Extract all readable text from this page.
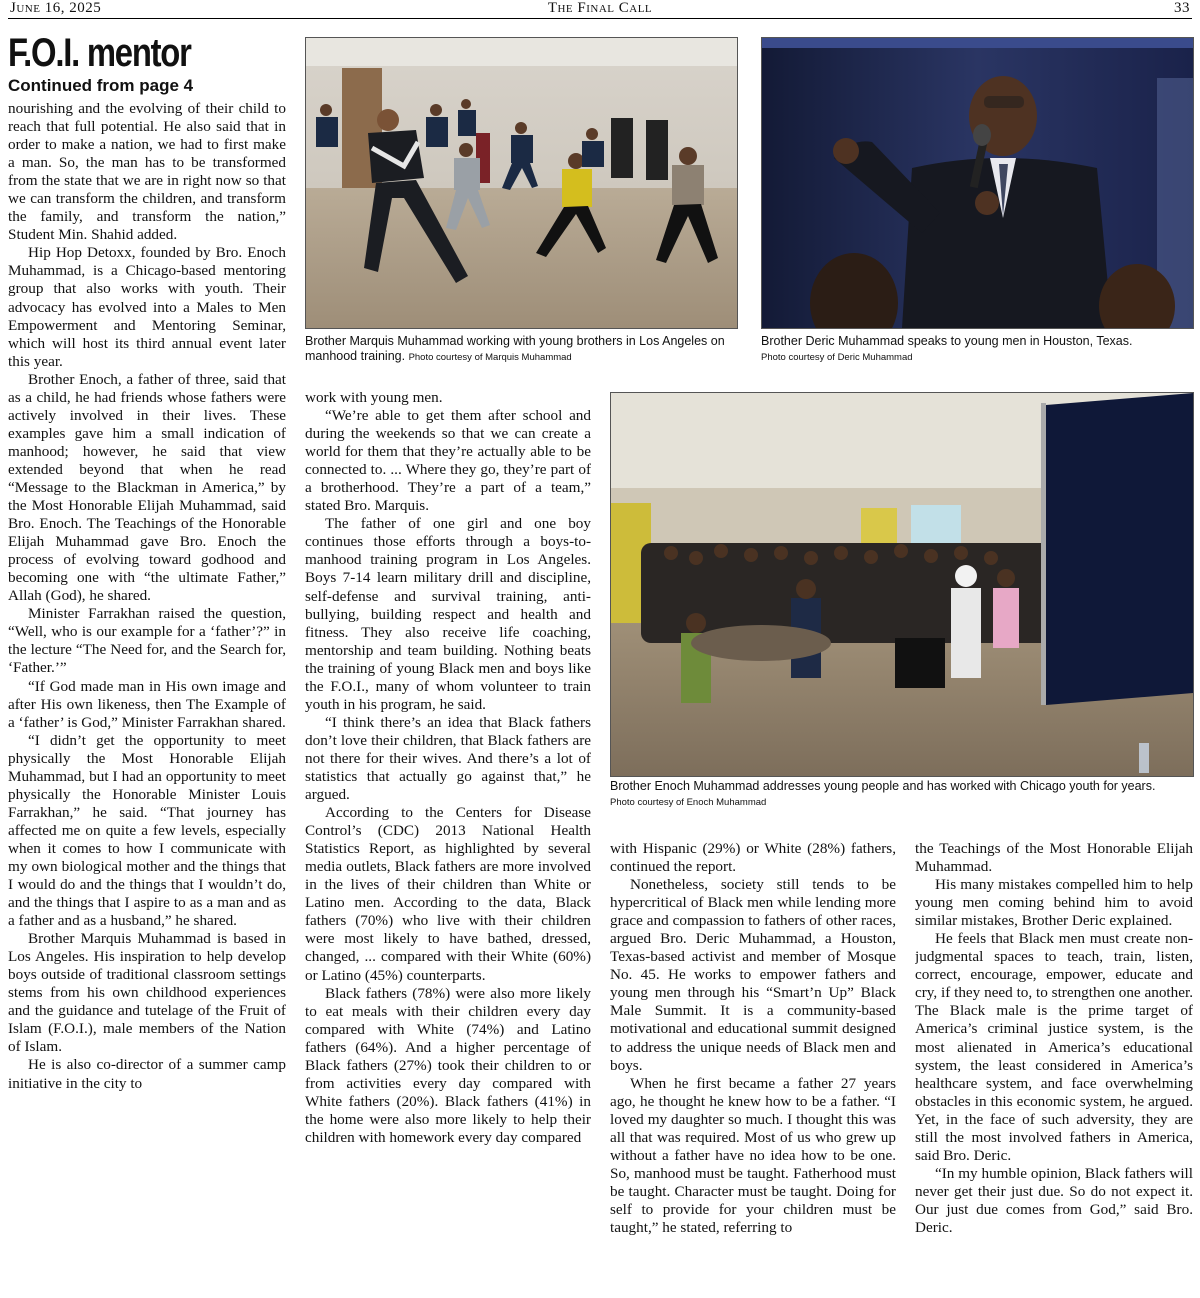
June 16, 2025	The Final Call	33
F.O.I. mentor
Continued from page 4
Brother Marquis Muhammad working with young brothers in Los Angeles on manhood training. Photo courtesy of Marquis Muhammad
Brother Deric Muhammad speaks to young men in Houston, Texas.
Photo courtesy of Deric Muhammad
Brother Enoch Muhammad addresses young people and has worked with Chicago youth for years.
Photo courtesy of Enoch Muhammad

nourishing and the evolving of their child to reach that full potential. He also said that in order to make a nation, we had to first make a man. So, the man has to be transformed from the state that we are in right now so that we can transform the children, and transform the family, and transform the nation,” Student Min. Shahid added.

Hip Hop Detoxx, founded by Bro. Enoch Muhammad, is a Chicago-based mentoring group that also works with youth. Their advocacy has evolved into a Males to Men Empowerment and Mentoring Seminar, which will host its third annual event later this year.

Brother Enoch, a father of three, said that as a child, he had friends whose fathers were actively involved in their lives. These examples gave him a small indication of manhood; however, he said that view extended beyond that when he read “Message to the Blackman in America,” by the Most Honorable Elijah Muhammad, said Bro. Enoch. The Teachings of the Honorable Elijah Muhammad gave Bro. Enoch the process of evolving toward godhood and becoming one with “the ultimate Father,” Allah (God), he shared.

Minister Farrakhan raised the question, “Well, who is our example for a ‘father’?” in the lecture “The Need for, and the Search for, ‘Father.’”

“If God made man in His own image and after His own likeness, then The Example of a ‘father’ is God,” Minister Farrakhan shared.

“I didn’t get the opportunity to meet physically the Most Honorable Elijah Muhammad, but I had an opportunity to meet physically the Honorable Minister Louis Farrakhan,” he said. “That journey has affected me on quite a few levels, especially when it comes to how I communicate with my own biological mother and the things that I would do and the things that I wouldn’t do, and the things that I aspire to as a man and as a father and as a husband,” he shared.

Brother Marquis Muhammad is based in Los Angeles. His inspiration to help develop boys outside of traditional classroom settings stems from his own childhood experiences and the guidance and tutelage of the Fruit of Islam (F.O.I.), male members of the Nation of Islam.

He is also co-director of a summer camp initiative in the city to

work with young men.

“We’re able to get them after school and during the weekends so that we can create a world for them that they’re actually able to be connected to. ... Where they go, they’re part of a brotherhood. They’re a part of a team,” stated Bro. Marquis.

The father of one girl and one boy continues those efforts through a boys-to-manhood training program in Los Angeles. Boys 7-14 learn military drill and discipline, self-defense and survival training, anti-bullying, building respect and health and fitness. They also receive life coaching, mentorship and team building. Nothing beats the training of young Black men and boys like the F.O.I., many of whom volunteer to train youth in his program, he said.

“I think there’s an idea that Black fathers don’t love their children, that Black fathers are not there for their wives. And there’s a lot of statistics that actually go against that,” he argued.

According to the Centers for Disease Control’s (CDC) 2013 National Health Statistics Report, as highlighted by several media outlets, Black fathers are more involved in the lives of their children than White or Latino men. According to the data, Black fathers (70%) who live with their children were most likely to have bathed, dressed, changed, ... compared with their White (60%) or Latino (45%) counterparts.

Black fathers (78%) were also more likely to eat meals with their children every day compared with White (74%) and Latino fathers (64%). And a higher percentage of Black fathers (27%) took their children to or from activities every day compared with White fathers (20%). Black fathers (41%) in the home were also more likely to help their children with homework every day compared

with Hispanic (29%) or White (28%) fathers, continued the report.

Nonetheless, society still tends to be hypercritical of Black men while lending more grace and compassion to fathers of other races, argued Bro. Deric Muhammad, a Houston, Texas-based activist and member of Mosque No. 45. He works to empower fathers and young men through his “Smart’n Up” Black Male Summit. It is a community-based motivational and educational summit designed to address the unique needs of Black men and boys.

When he first became a father 27 years ago, he thought he knew how to be a father. “I loved my daughter so much. I thought this was all that was required. Most of us who grew up without a father have no idea how to be one. So, manhood must be taught. Fatherhood must be taught. Character must be taught. Doing for self to provide for your children must be taught,” he stated, referring to

the Teachings of the Most Honorable Elijah Muhammad.

His many mistakes compelled him to help young men coming behind him to avoid similar mistakes, Brother Deric explained.

He feels that Black men must create non-judgmental spaces to teach, train, listen, correct, encourage, empower, educate and cry, if they need to, to strengthen one another. The Black male is the prime target of America’s criminal justice system, is the most alienated in America’s educational system, the least considered in America’s healthcare system, and face overwhelming obstacles in this economic system, he argued. Yet, in the face of such adversity, they are still the most involved fathers in America, said Bro. Deric.

“In my humble opinion, Black fathers will never get their just due. So do not expect it. Our just due comes from God,” said Bro. Deric.
